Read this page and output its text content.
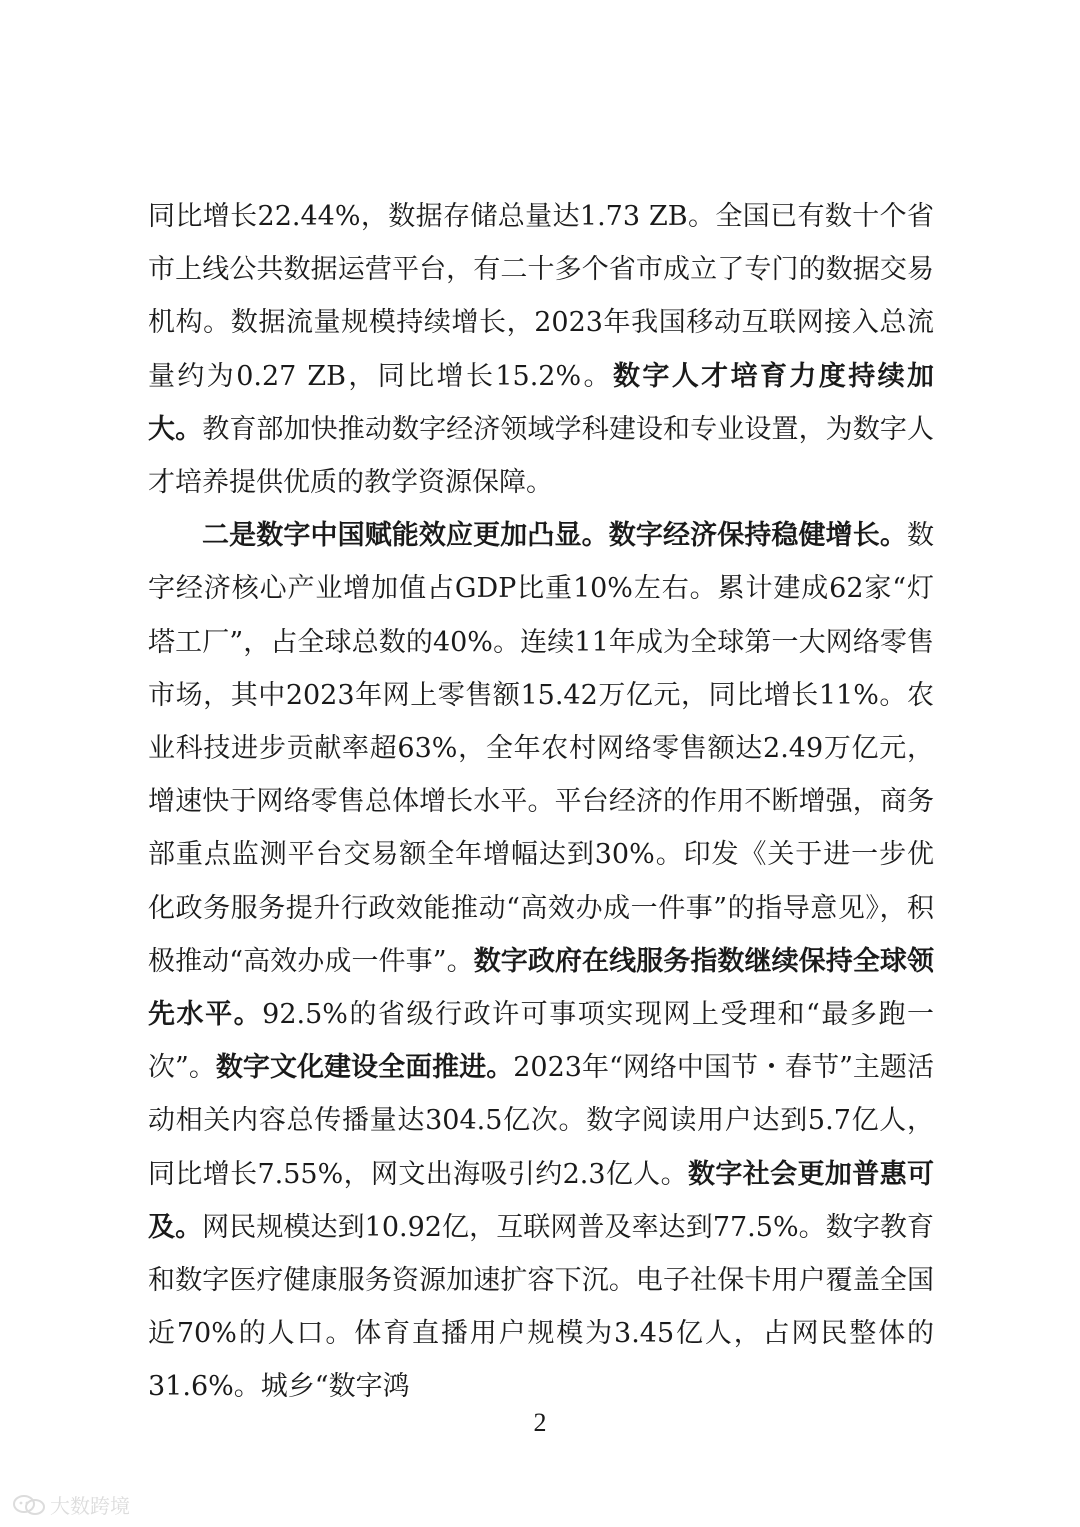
同比增长22.44%，数据存储总量达1.73 ZB。全国已有数十个省市上线公共数据运营平台，有二十多个省市成立了专门的数据交易机构。数据流量规模持续增长，2023年我国移动互联网接入总流量约为0.27 ZB，同比增长15.2%。数字人才培育力度持续加大。教育部加快推动数字经济领域学科建设和专业设置，为数字人才培养提供优质的教学资源保障。

二是数字中国赋能效应更加凸显。数字经济保持稳健增长。数字经济核心产业增加值占GDP比重10%左右。累计建成62家“灯塔工厂”，占全球总数的40%。连续11年成为全球第一大网络零售市场，其中2023年网上零售额15.42万亿元，同比增长11%。农业科技进步贡献率超63%，全年农村网络零售额达2.49万亿元，增速快于网络零售总体增长水平。平台经济的作用不断增强，商务部重点监测平台交易额全年增幅达到30%。印发《关于进一步优化政务服务提升行政效能推动“高效办成一件事”的指导意见》，积极推动“高效办成一件事”。数字政府在线服务指数继续保持全球领先水平。92.5%的省级行政许可事项实现网上受理和“最多跑一次”。数字文化建设全面推进。2023年“网络中国节・春节”主题活动相关内容总传播量达304.5亿次。数字阅读用户达到5.7亿人，同比增长7.55%，网文出海吸引约2.3亿人。数字社会更加普惠可及。网民规模达到10.92亿，互联网普及率达到77.5%。数字教育和数字医疗健康服务资源加速扩容下沉。电子社保卡用户覆盖全国近70%的人口。体育直播用户规模为3.45亿人，占网民整体的31.6%。城乡“数字鸿

2
大数跨境
